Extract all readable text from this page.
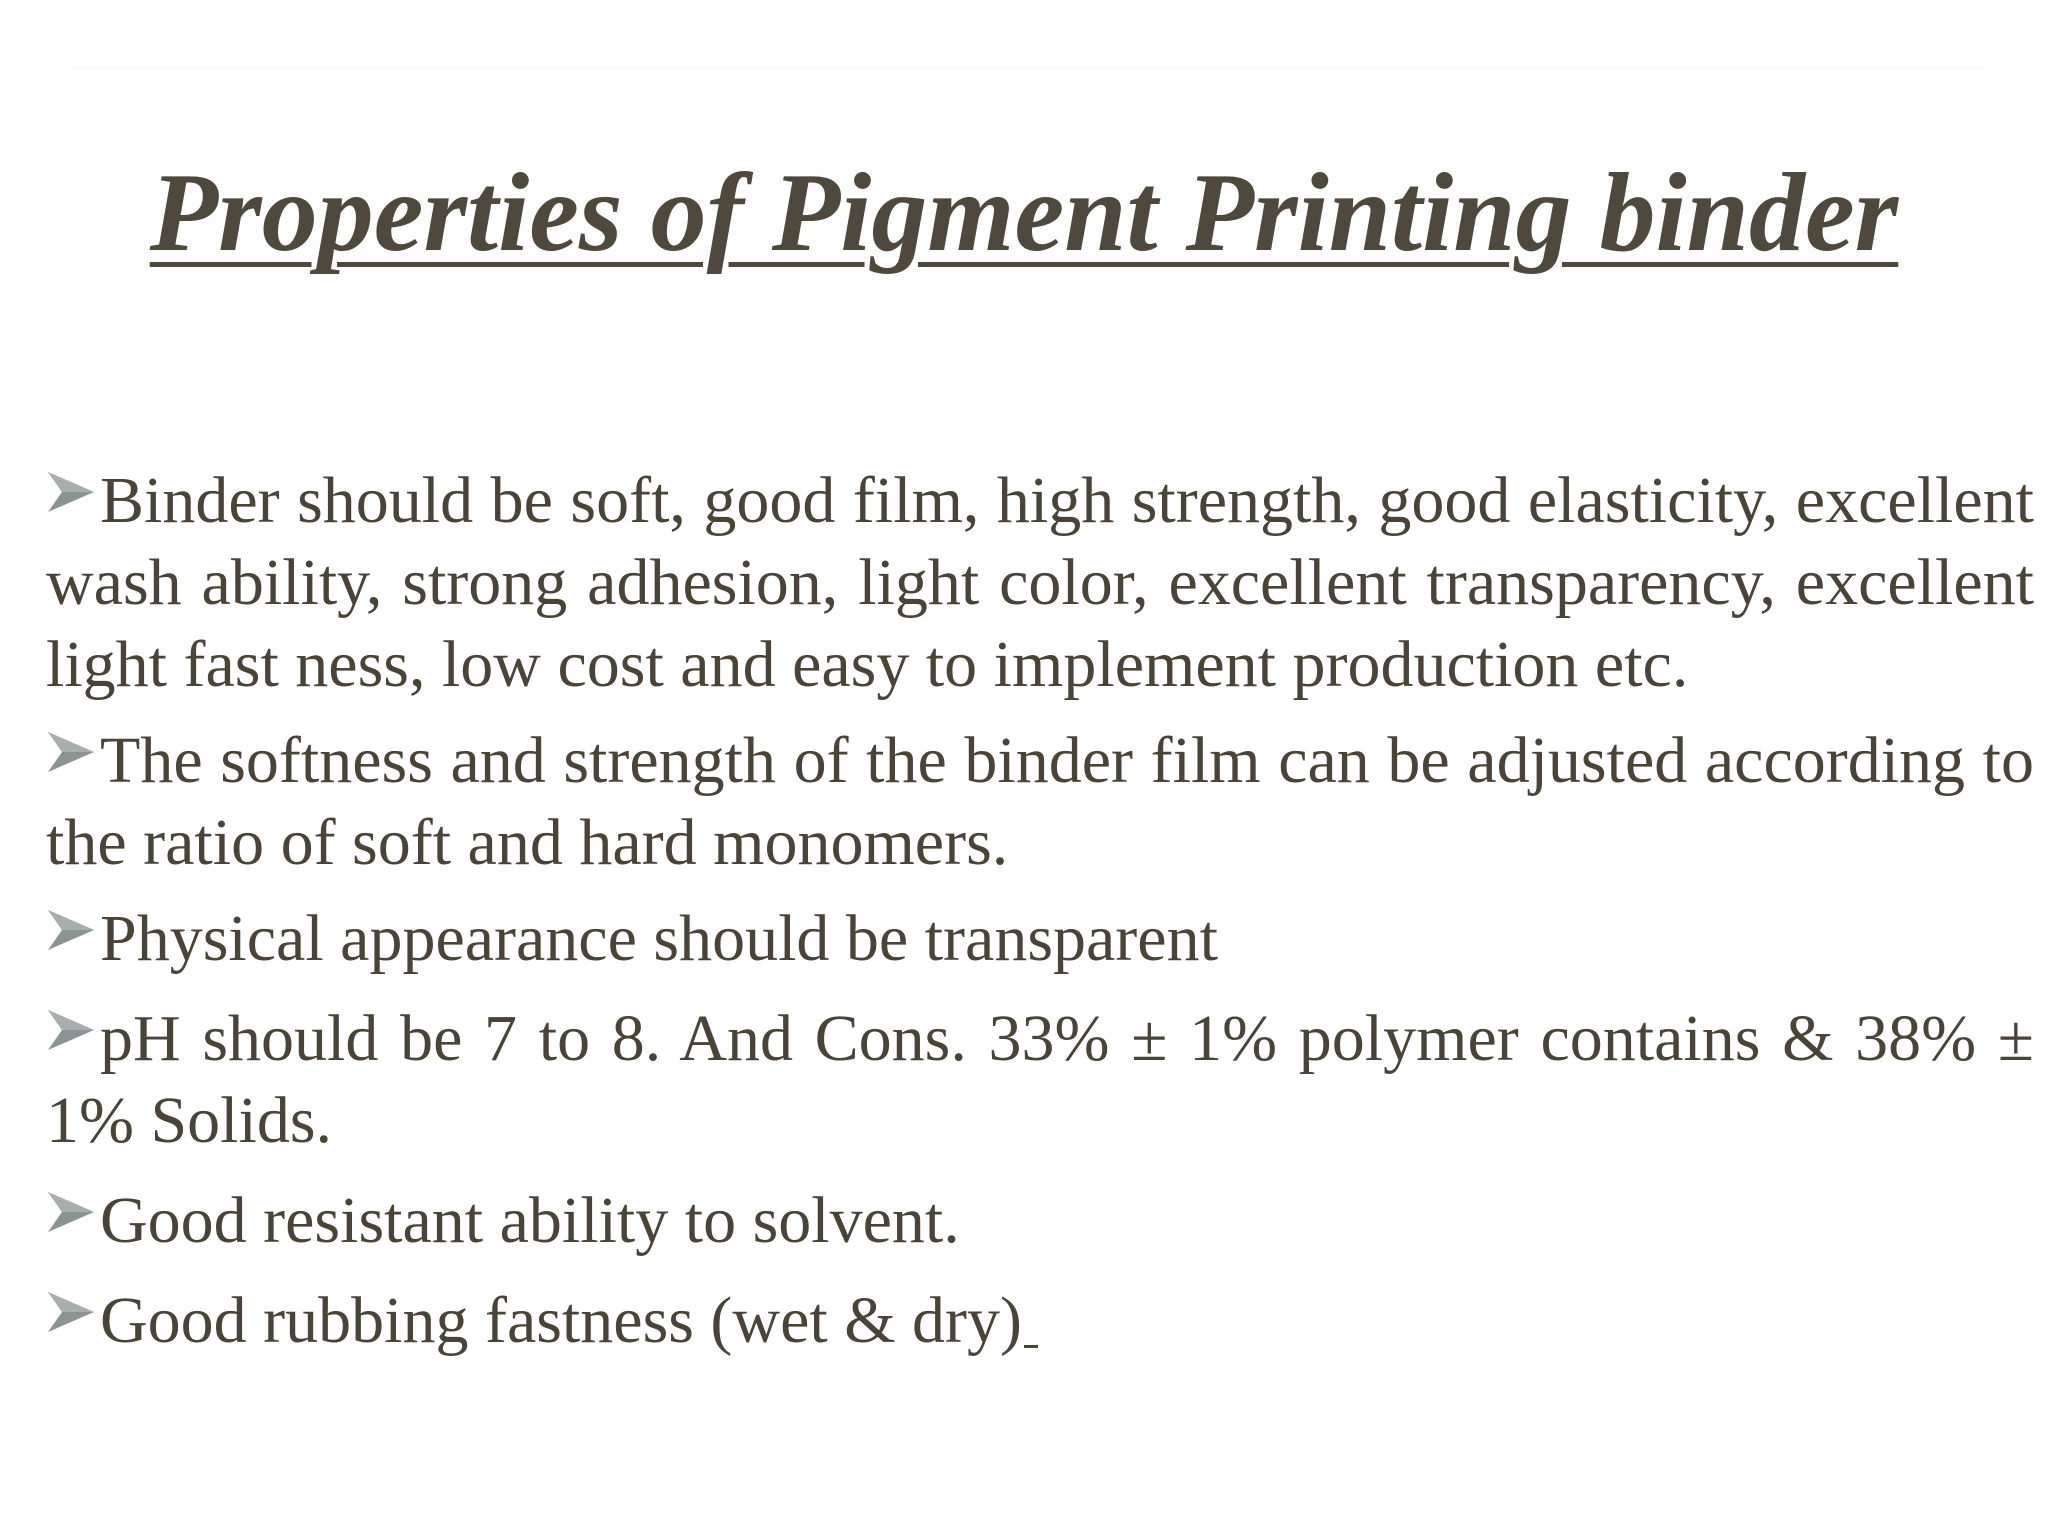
Properties of Pigment Printing binder

Binder should be soft, good film, high strength, good elasticity, excellent wash ability, strong adhesion, light color, excellent transparency, excellent light fast ness, low cost and easy to implement production etc.

The softness and strength of the binder film can be adjusted according to the ratio of soft and hard monomers.

Physical appearance should be transparent

pH should be 7 to 8. And Cons. 33% ± 1% polymer contains & 38% ± 1% Solids.

Good resistant ability to solvent.

Good rubbing fastness (wet & dry)
